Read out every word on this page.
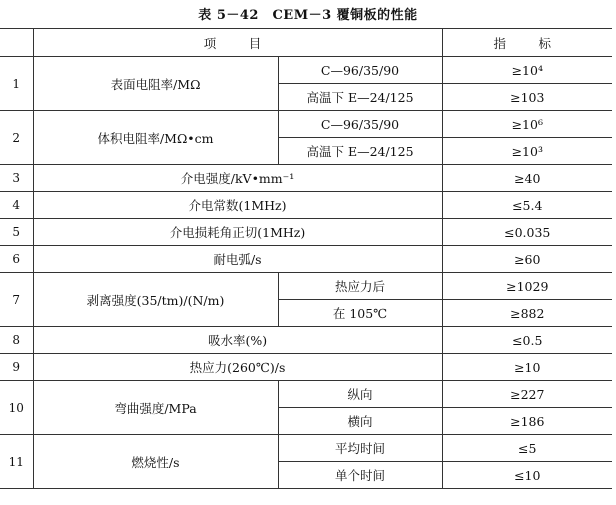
表 5－42　CEM－3 覆铜板的性能
	项　目		指　标
1	表面电阻率/MΩ	C—96/35/90	≥10⁴
		高温下 E—24/125	≥103
2	体积电阻率/MΩ•cm	C—96/35/90	≥10⁶
		高温下 E—24/125	≥10³
3	介电强度/kV•mm⁻¹		≥40
4	介电常数(1MHz)		≤5.4
5	介电损耗角正切(1MHz)		≤0.035
6	耐电弧/s		≥60
7	剥离强度(35/tm)/(N/m)	热应力后	≥1029
		在 105℃	≥882
8	吸水率(%)		≤0.5
9	热应力(260℃)/s		≥10
10	弯曲强度/MPa	纵向	≥227
		横向	≥186
11	燃烧性/s	平均时间	≤5
		单个时间	≤10
